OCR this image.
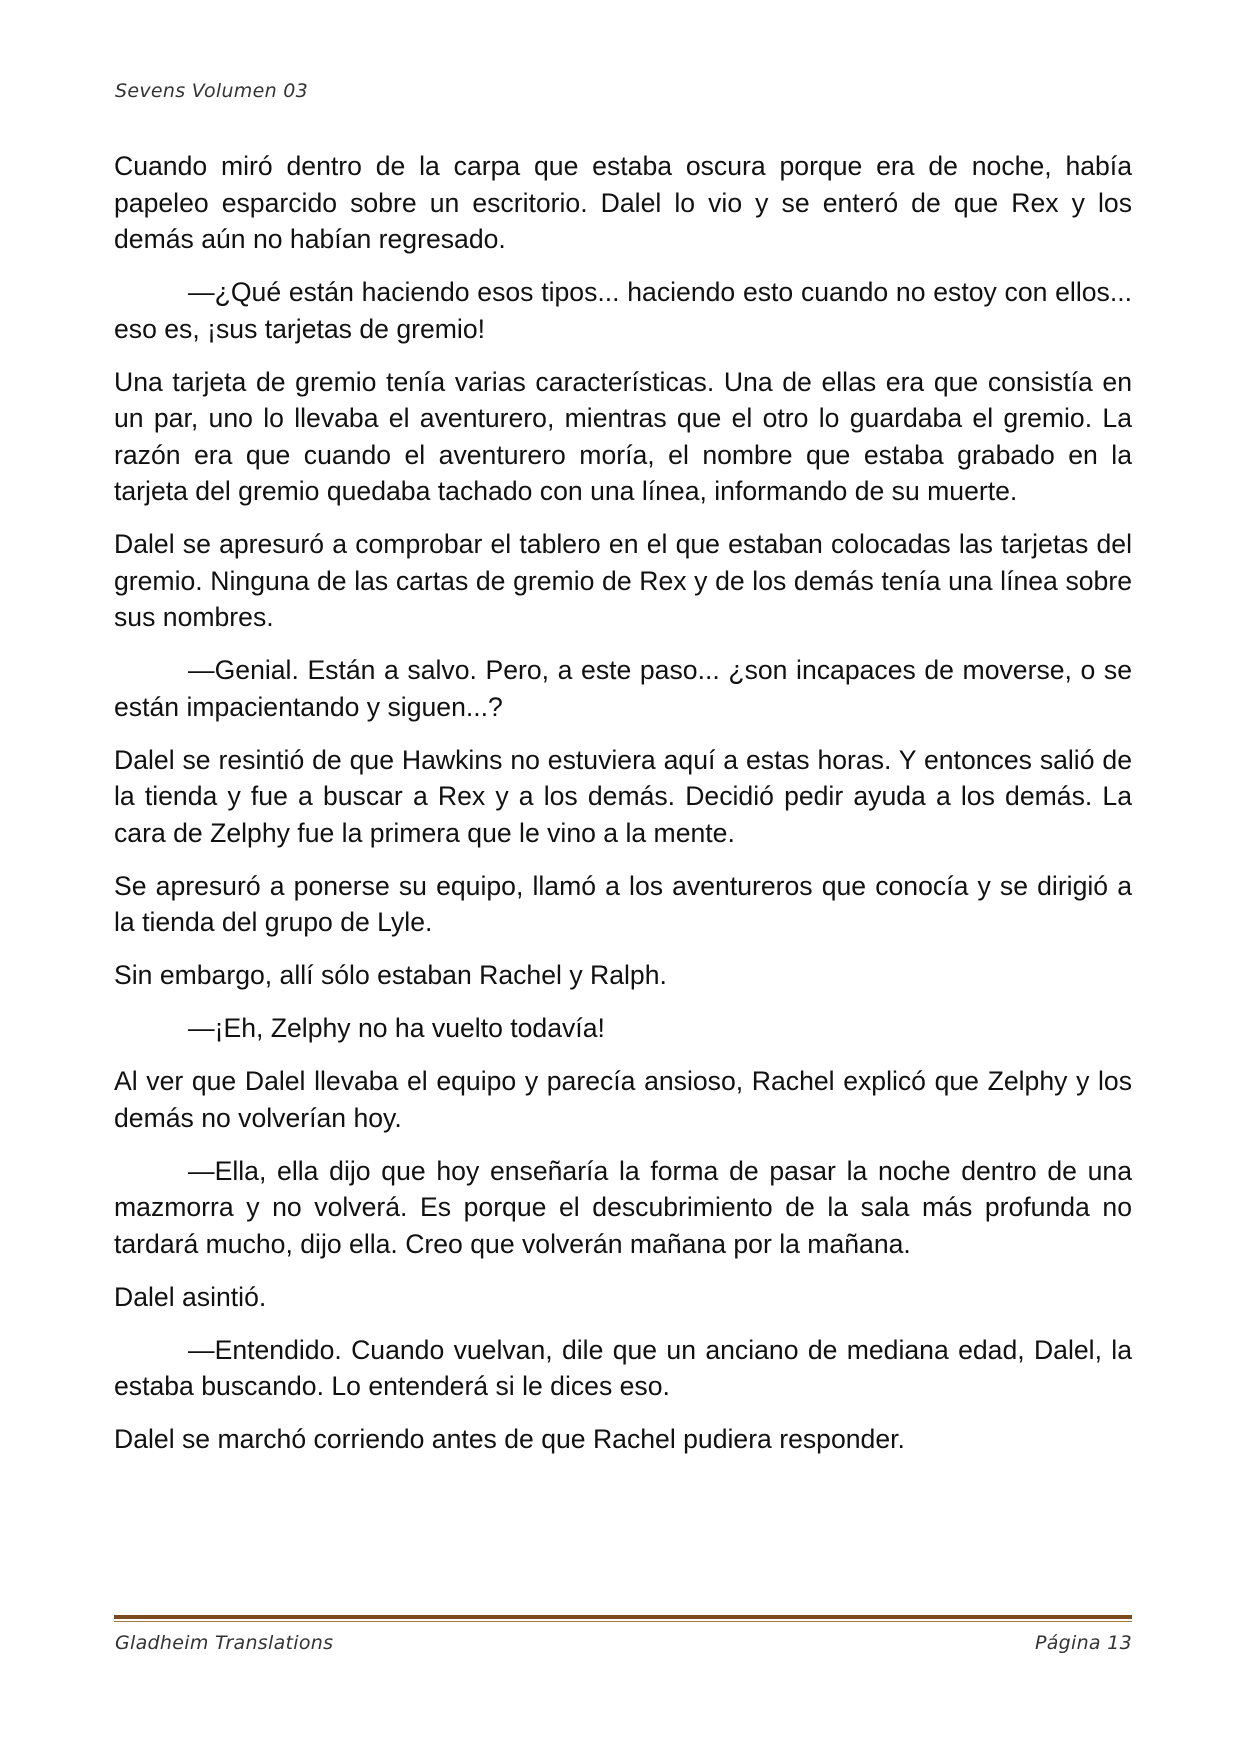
Sevens Volumen 03

Cuando miró dentro de la carpa que estaba oscura porque era de noche, había papeleo esparcido sobre un escritorio. Dalel lo vio y se enteró de que Rex y los demás aún no habían regresado.

—¿Qué están haciendo esos tipos... haciendo esto cuando no estoy con ellos... eso es, ¡sus tarjetas de gremio!

Una tarjeta de gremio tenía varias características. Una de ellas era que consistía en un par, uno lo llevaba el aventurero, mientras que el otro lo guardaba el gremio. La razón era que cuando el aventurero moría, el nombre que estaba grabado en la tarjeta del gremio quedaba tachado con una línea, informando de su muerte.

Dalel se apresuró a comprobar el tablero en el que estaban colocadas las tarjetas del gremio. Ninguna de las cartas de gremio de Rex y de los demás tenía una línea sobre sus nombres.

—Genial. Están a salvo. Pero, a este paso... ¿son incapaces de moverse, o se están impacientando y siguen...?

Dalel se resintió de que Hawkins no estuviera aquí a estas horas. Y entonces salió de la tienda y fue a buscar a Rex y a los demás. Decidió pedir ayuda a los demás. La cara de Zelphy fue la primera que le vino a la mente.

Se apresuró a ponerse su equipo, llamó a los aventureros que conocía y se dirigió a la tienda del grupo de Lyle.

Sin embargo, allí sólo estaban Rachel y Ralph.

—¡Eh, Zelphy no ha vuelto todavía!

Al ver que Dalel llevaba el equipo y parecía ansioso, Rachel explicó que Zelphy y los demás no volverían hoy.

—Ella, ella dijo que hoy enseñaría la forma de pasar la noche dentro de una mazmorra y no volverá. Es porque el descubrimiento de la sala más profunda no tardará mucho, dijo ella. Creo que volverán mañana por la mañana.

Dalel asintió.

—Entendido. Cuando vuelvan, dile que un anciano de mediana edad, Dalel, la estaba buscando. Lo entenderá si le dices eso.

Dalel se marchó corriendo antes de que Rachel pudiera responder.

Gladheim Translations	Página 13
